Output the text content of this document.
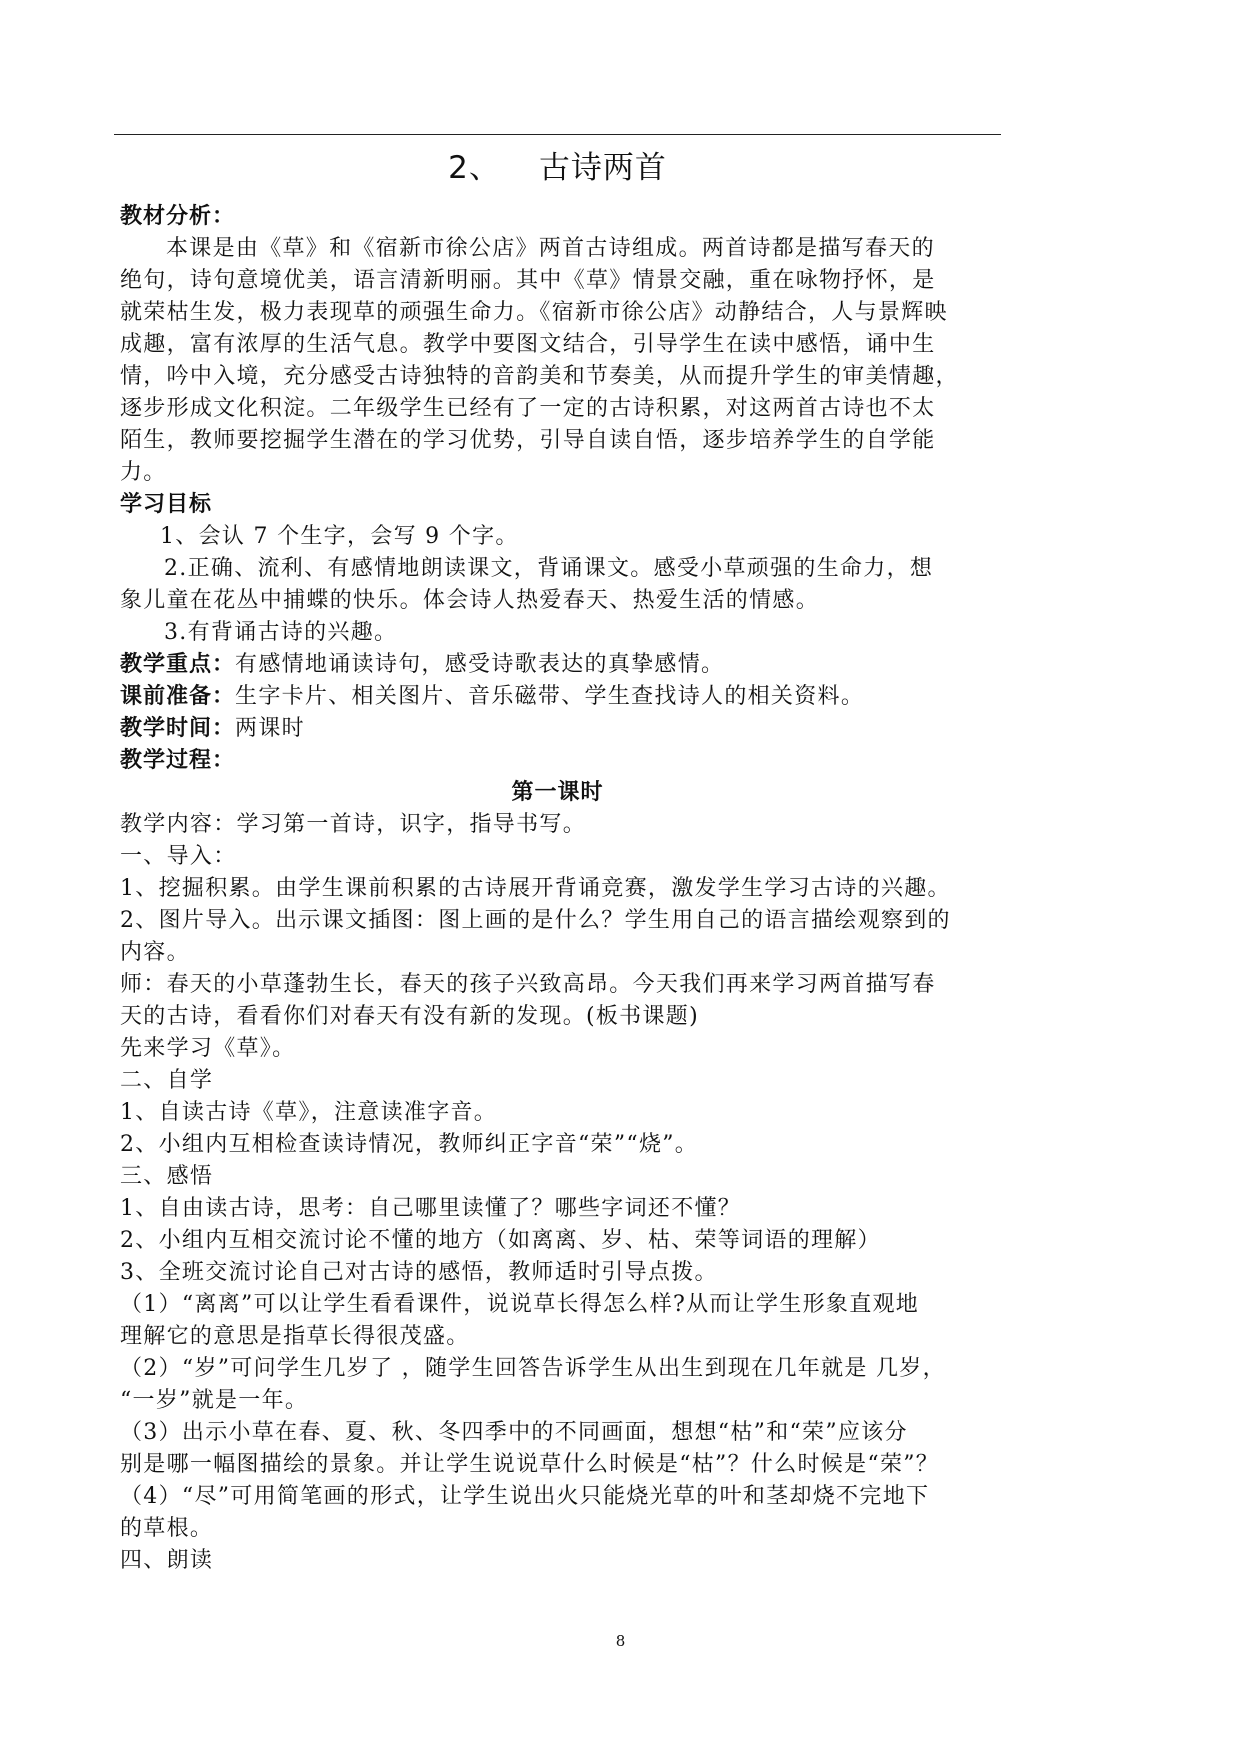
2、 古诗两首
教材分析：
本课是由《草》和《宿新市徐公店》两首古诗组成。两首诗都是描写春天的
绝句，诗句意境优美，语言清新明丽。其中《草》情景交融，重在咏物抒怀，是
就荣枯生发，极力表现草的顽强生命力。《宿新市徐公店》动静结合，人与景辉映
成趣，富有浓厚的生活气息。教学中要图文结合，引导学生在读中感悟，诵中生
情，吟中入境，充分感受古诗独特的音韵美和节奏美，从而提升学生的审美情趣，
逐步形成文化积淀。二年级学生已经有了一定的古诗积累，对这两首古诗也不太
陌生，教师要挖掘学生潜在的学习优势，引导自读自悟，逐步培养学生的自学能
力。
学习目标
1、会认 7 个生字，会写 9 个字。
2.正确、流利、有感情地朗读课文，背诵课文。感受小草顽强的生命力，想
象儿童在花丛中捕蝶的快乐。体会诗人热爱春天、热爱生活的情感。
3.有背诵古诗的兴趣。
教学重点：有感情地诵读诗句，感受诗歌表达的真挚感情。
课前准备：生字卡片、相关图片、音乐磁带、学生查找诗人的相关资料。
教学时间：两课时
教学过程：
第一课时
教学内容：学习第一首诗，识字，指导书写。
一、导入：
1、挖掘积累。由学生课前积累的古诗展开背诵竞赛，激发学生学习古诗的兴趣。
2、图片导入。出示课文插图：图上画的是什么？学生用自己的语言描绘观察到的
内容。
师：春天的小草蓬勃生长，春天的孩子兴致高昂。今天我们再来学习两首描写春
天的古诗，看看你们对春天有没有新的发现。(板书课题)
先来学习《草》。
二、自学
1、自读古诗《草》，注意读准字音。
2、小组内互相检查读诗情况，教师纠正字音“荣”“烧”。
三、感悟
1、自由读古诗，思考：自己哪里读懂了？哪些字词还不懂？
2、小组内互相交流讨论不懂的地方（如离离、岁、枯、荣等词语的理解）
3、全班交流讨论自己对古诗的感悟，教师适时引导点拨。
（1）“离离”可以让学生看看课件，说说草长得怎么样?从而让学生形象直观地
理解它的意思是指草长得很茂盛。
（2）“岁”可问学生几岁了 ，随学生回答告诉学生从出生到现在几年就是 几岁，
“一岁”就是一年。
（3）出示小草在春、夏、秋、冬四季中的不同画面，想想“枯”和“荣”应该分
别是哪一幅图描绘的景象。并让学生说说草什么时候是“枯”？什么时候是“荣”？
（4）“尽”可用简笔画的形式，让学生说出火只能烧光草的叶和茎却烧不完地下
的草根。
四、朗读
8
